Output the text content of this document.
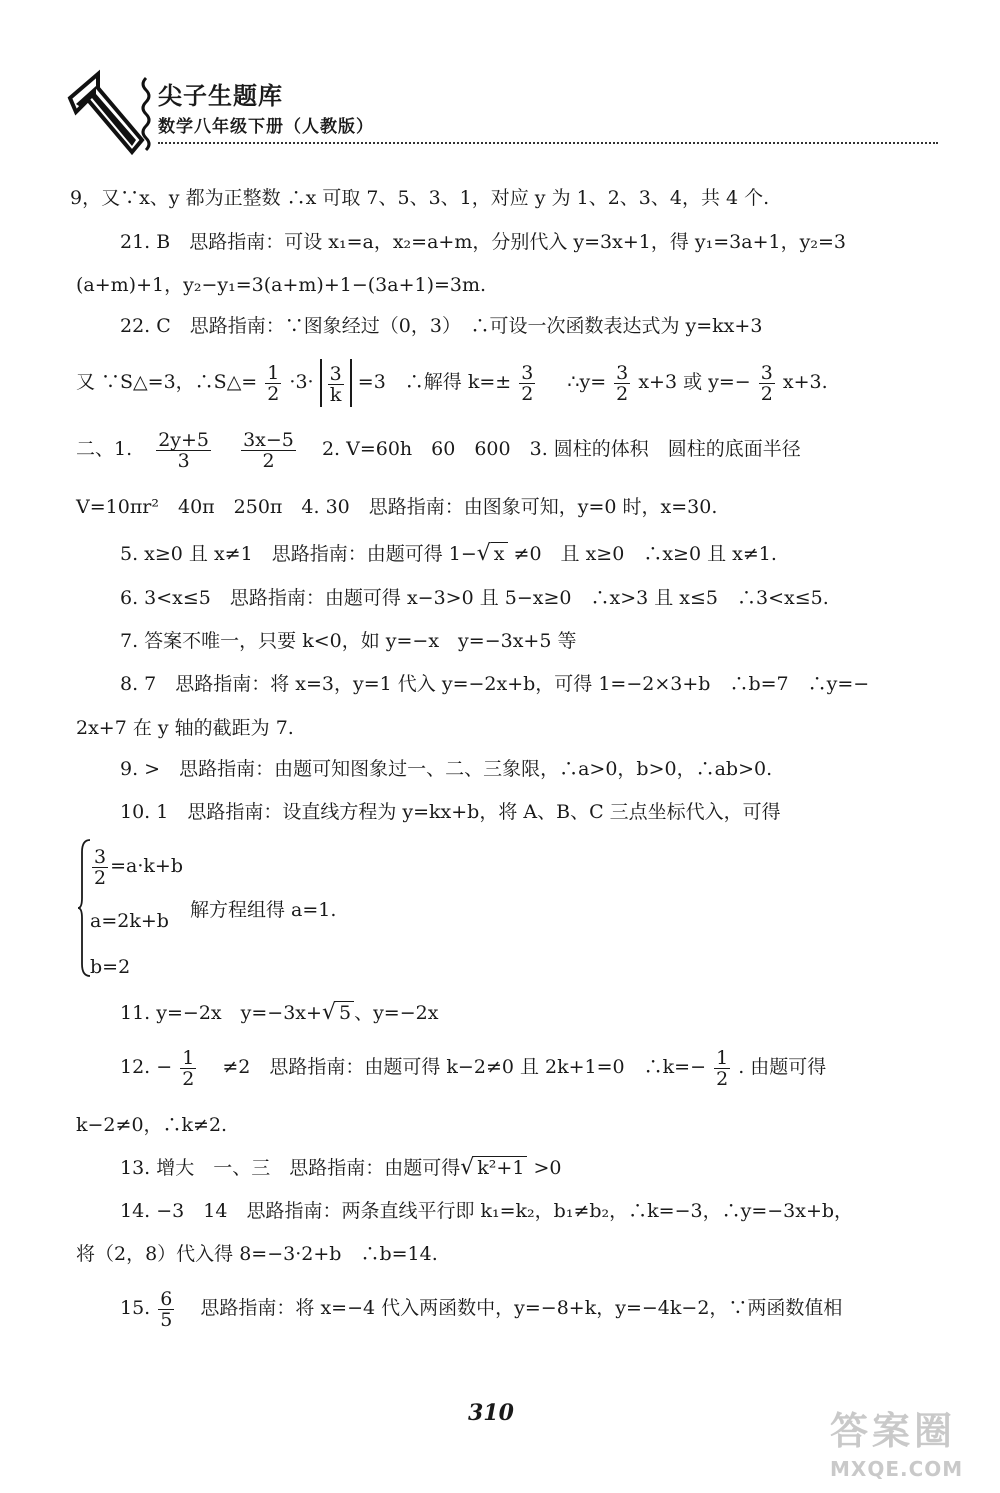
尖子生题库
数学八年级下册（人教版）
9，又∵x、y 都为正整数 ∴x 可取 7、5、3、1，对应 y 为 1、2、3、4，共 4 个.
21. B　思路指南：可设 x₁=a，x₂=a+m，分别代入 y=3x+1，得 y₁=3a+1，y₂=3
(a+m)+1，y₂−y₁=3(a+m)+1−(3a+1)=3m.
22. C　思路指南：∵图象经过（0，3）　∴可设一次函数表达式为 y=kx+3
又 ∵S△=3，∴S△= $\frac{1}{2} \cdot 3\cdot \frac{3}{k} =3$　∴解得 $k=\pm \frac{3}{2}$ ∴y= $\frac{3}{2} x+3$ 或 $y=- \frac{3}{2} x+3$.
二、1. $\frac{2y+5}{3}$
$\frac{3x-5}{2} 2$. V=60h　60　600　3. 圆柱的体积　圆柱的底面半径
V=10πr²　40π　250π　4. 30　思路指南：由图象可知，y=0 时，x=30.
5. x≥0 且 x≠1　思路指南：由题可得 1−√ x ≠0　且 x≥0　∴x≥0 且 x≠1.
6. 3<x≤5　思路指南：由题可得 x−3>0 且 5−x≥0　∴x>3 且 x≤5　∴3<x≤5.
7. 答案不唯一，只要 k<0，如 y=−x　y=−3x+5 等
8. 7　思路指南：将 x=3，y=1 代入 y=−2x+b，可得 1=−2×3+b　∴b=7　∴y=−
2x+7 在 y 轴的截距为 7.
9. >　思路指南：由题可知图象过一、二、三象限，∴a>0，b>0，∴ab>0.
10. 1　思路指南：设直线方程为 y=kx+b，将 A、B、C 三点坐标代入，可得
$\frac{3}{2} =a\cdot k+b$
a=2k+b
b=2
解方程组得 a=1.
11. y=−2x　y=−3x+√ 5 、y=−2x
12. − $\frac{1}{2} \ne 2$　思路指南：由题可得 k−2≠0 且 2k+1=0　∴k=− $\frac{1}{2}$ . 由题可得
k−2≠0，∴k≠2.
13. 增大　一、三　思路指南：由题可得√ k²+1 >0
14. −3　14　思路指南：两条直线平行即 k₁=k₂，b₁≠b₂，∴k=−3，∴y=−3x+b，
将（2，8）代入得 8=−3·2+b　∴b=14.
15. $\frac{6}{5}$ 思路指南：将 x=−4 代入两函数中，y=−8+k，y=−4k−2，∵两函数值相
310	答案圈
MXQE.COM
